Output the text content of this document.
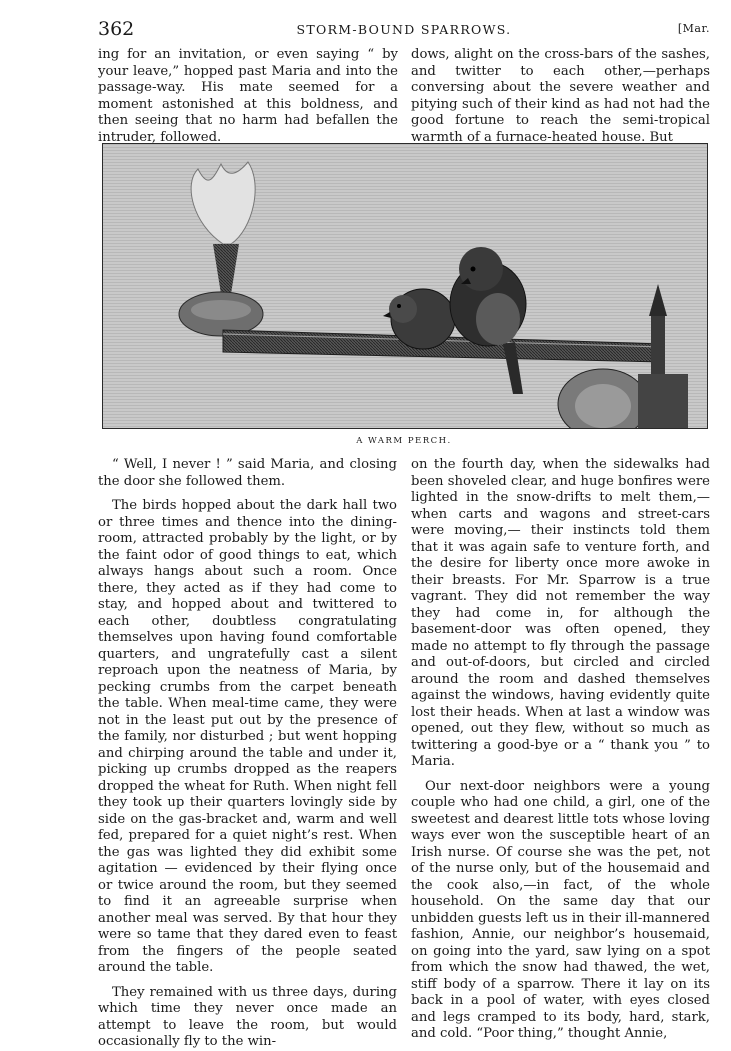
362	STORM-BOUND SPARROWS.	[Mar.

ing for an invitation, or even saying “ by your leave,” hopped past Maria and into the passage-way. His mate seemed for a moment astonished at this boldness, and then seeing that no harm had befallen the intruder, followed.

dows, alight on the cross-bars of the sashes, and twitter to each other,—perhaps conversing about the severe weather and pitying such of their kind as had not had the good fortune to reach the semi-tropical warmth of a furnace-heated house. But

A WARM PERCH.

“ Well, I never ! ” said Maria, and closing the door she followed them.

The birds hopped about the dark hall two or three times and thence into the dining-room, attracted probably by the light, or by the faint odor of good things to eat, which always hangs about such a room. Once there, they acted as if they had come to stay, and hopped about and twittered to each other, doubtless congratulating themselves upon having found comfortable quarters, and ungratefully cast a silent reproach upon the neatness of Maria, by pecking crumbs from the carpet beneath the table. When meal-time came, they were not in the least put out by the presence of the family, nor disturbed ; but went hopping and chirping around the table and under it, picking up crumbs dropped as the reapers dropped the wheat for Ruth. When night fell they took up their quarters lovingly side by side on the gas-bracket and, warm and well fed, prepared for a quiet night’s rest. When the gas was lighted they did exhibit some agitation — evidenced by their flying once or twice around the room, but they seemed to find it an agreeable surprise when another meal was served. By that hour they were so tame that they dared even to feast from the fingers of the people seated around the table.

They remained with us three days, during which time they never once made an attempt to leave the room, but would occasionally fly to the win-

on the fourth day, when the sidewalks had been shoveled clear, and huge bonfires were lighted in the snow-drifts to melt them,—when carts and wagons and street-cars were moving,— their instincts told them that it was again safe to venture forth, and the desire for liberty once more awoke in their breasts. For Mr. Sparrow is a true vagrant. They did not remember the way they had come in, for although the basement-door was often opened, they made no attempt to fly through the passage and out-of-doors, but circled and circled around the room and dashed themselves against the windows, having evidently quite lost their heads. When at last a window was opened, out they flew, without so much as twittering a good-bye or a “ thank you ” to Maria.

Our next-door neighbors were a young couple who had one child, a girl, one of the sweetest and dearest little tots whose loving ways ever won the susceptible heart of an Irish nurse. Of course she was the pet, not of the nurse only, but of the housemaid and the cook also,—in fact, of the whole household. On the same day that our unbidden guests left us in their ill-mannered fashion, Annie, our neighbor’s housemaid, on going into the yard, saw lying on a spot from which the snow had thawed, the wet, stiff body of a sparrow. There it lay on its back in a pool of water, with eyes closed and legs cramped to its body, hard, stark, and cold. “Poor thing,” thought Annie,
